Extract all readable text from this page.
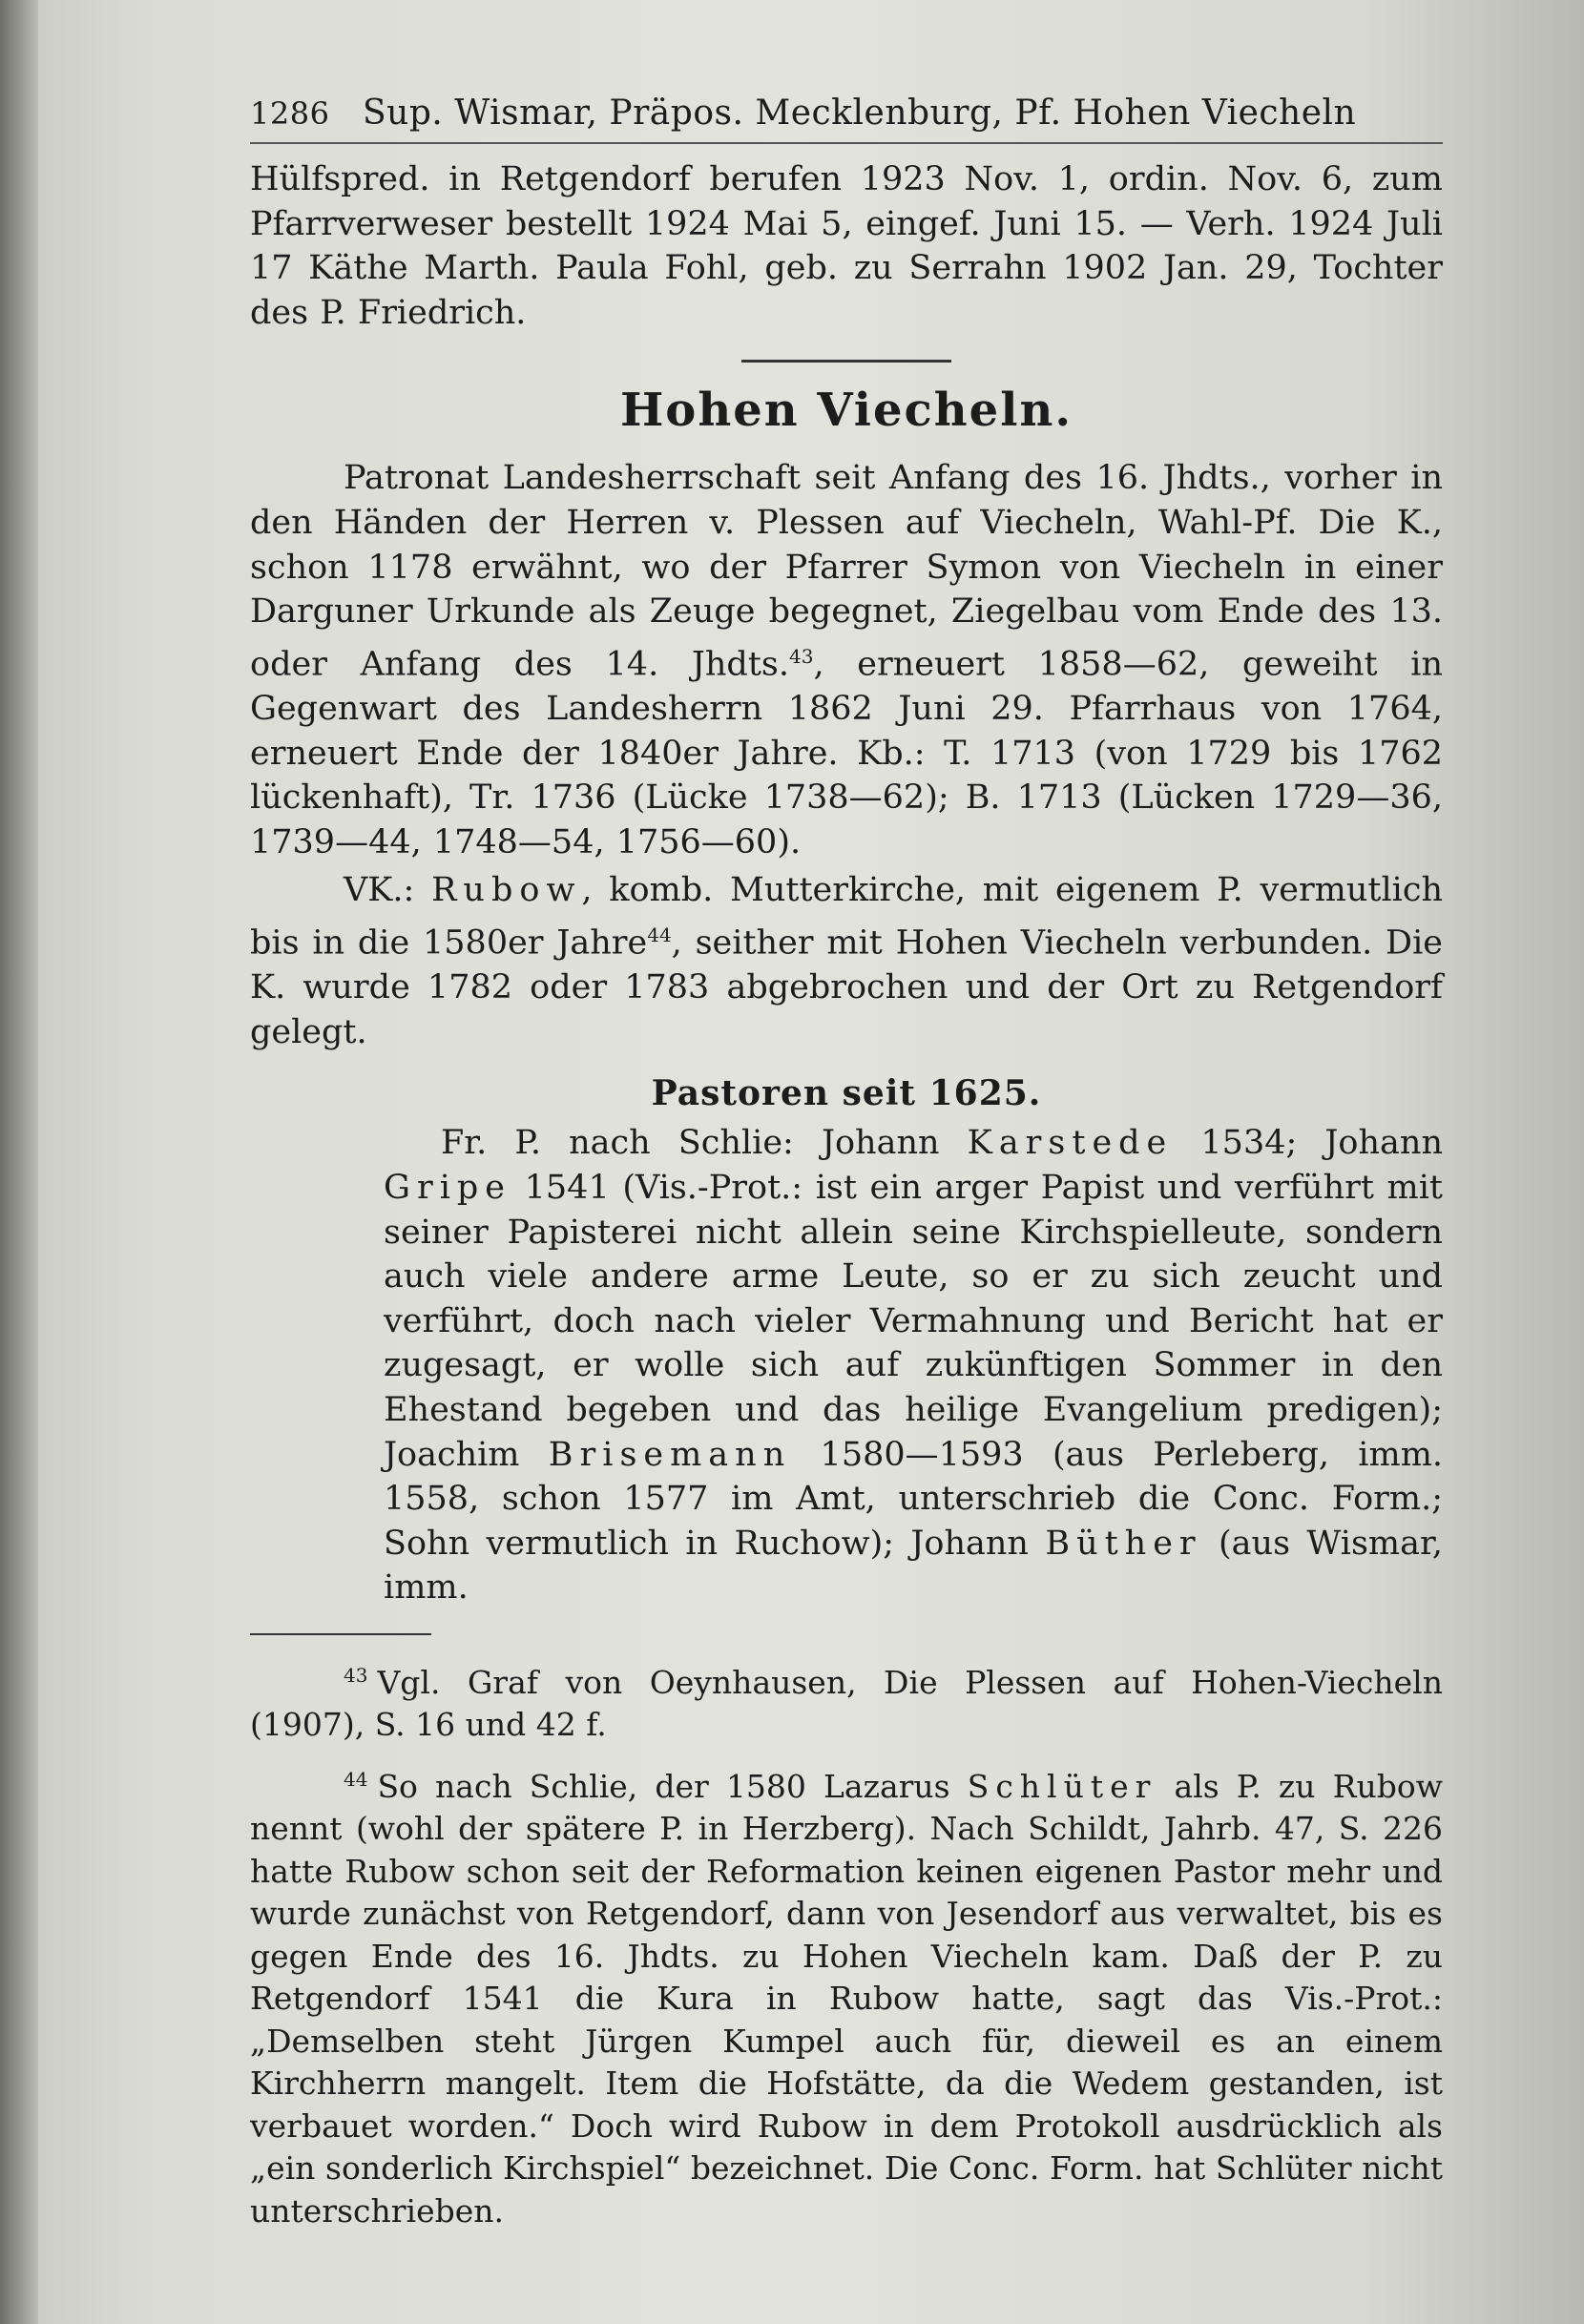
1286 Sup. Wismar, Präpos. Mecklenburg, Pf. Hohen Viecheln

Hülfspred. in Retgendorf berufen 1923 Nov. 1, ordin. Nov. 6, zum Pfarrverweser bestellt 1924 Mai 5, eingef. Juni 15. — Verh. 1924 Juli 17 Käthe Marth. Paula Fohl, geb. zu Serrahn 1902 Jan. 29, Tochter des P. Friedrich.

Hohen Viecheln.

Patronat Landesherrschaft seit Anfang des 16. Jhdts., vorher in den Händen der Herren v. Plessen auf Viecheln, Wahl-Pf. Die K., schon 1178 erwähnt, wo der Pfarrer Symon von Viecheln in einer Darguner Urkunde als Zeuge begegnet, Ziegelbau vom Ende des 13. oder Anfang des 14. Jhdts.$^{43}$, erneuert 1858—62, geweiht in Gegenwart des Landesherrn 1862 Juni 29. Pfarrhaus von 1764, erneuert Ende der 1840er Jahre. Kb.: T. 1713 (von 1729 bis 1762 lückenhaft), Tr. 1736 (Lücke 1738—62); B. 1713 (Lücken 1729—36, 1739—44, 1748—54, 1756—60).

VK.: Rubow, komb. Mutterkirche, mit eigenem P. vermutlich bis in die 1580er Jahre$^{44}$, seither mit Hohen Viecheln verbunden. Die K. wurde 1782 oder 1783 abgebrochen und der Ort zu Retgendorf gelegt.

Pastoren seit 1625.

Fr. P. nach Schlie: Johann Karstede 1534; Johann Gripe 1541 (Vis.-Prot.: ist ein arger Papist und verführt mit seiner Papisterei nicht allein seine Kirchspielleute, sondern auch viele andere arme Leute, so er zu sich zeucht und verführt, doch nach vieler Vermahnung und Bericht hat er zugesagt, er wolle sich auf zukünftigen Sommer in den Ehestand begeben und das heilige Evangelium predigen); Joachim Brisemann 1580—1593 (aus Perleberg, imm. 1558, schon 1577 im Amt, unterschrieb die Conc. Form.; Sohn vermutlich in Ruchow); Johann Büther (aus Wismar, imm.

$^{43}$ Vgl. Graf von Oeynhausen, Die Plessen auf Hohen-Viecheln (1907), S. 16 und 42 f.

$^{44}$ So nach Schlie, der 1580 Lazarus Schlüter als P. zu Rubow nennt (wohl der spätere P. in Herzberg). Nach Schildt, Jahrb. 47, S. 226 hatte Rubow schon seit der Reformation keinen eigenen Pastor mehr und wurde zunächst von Retgendorf, dann von Jesendorf aus verwaltet, bis es gegen Ende des 16. Jhdts. zu Hohen Viecheln kam. Daß der P. zu Retgendorf 1541 die Kura in Rubow hatte, sagt das Vis.-Prot.: „Demselben steht Jürgen Kumpel auch für, dieweil es an einem Kirchherrn mangelt. Item die Hofstätte, da die Wedem gestanden, ist verbauet worden.“ Doch wird Rubow in dem Protokoll ausdrücklich als „ein sonderlich Kirchspiel“ bezeichnet. Die Conc. Form. hat Schlüter nicht unterschrieben.
